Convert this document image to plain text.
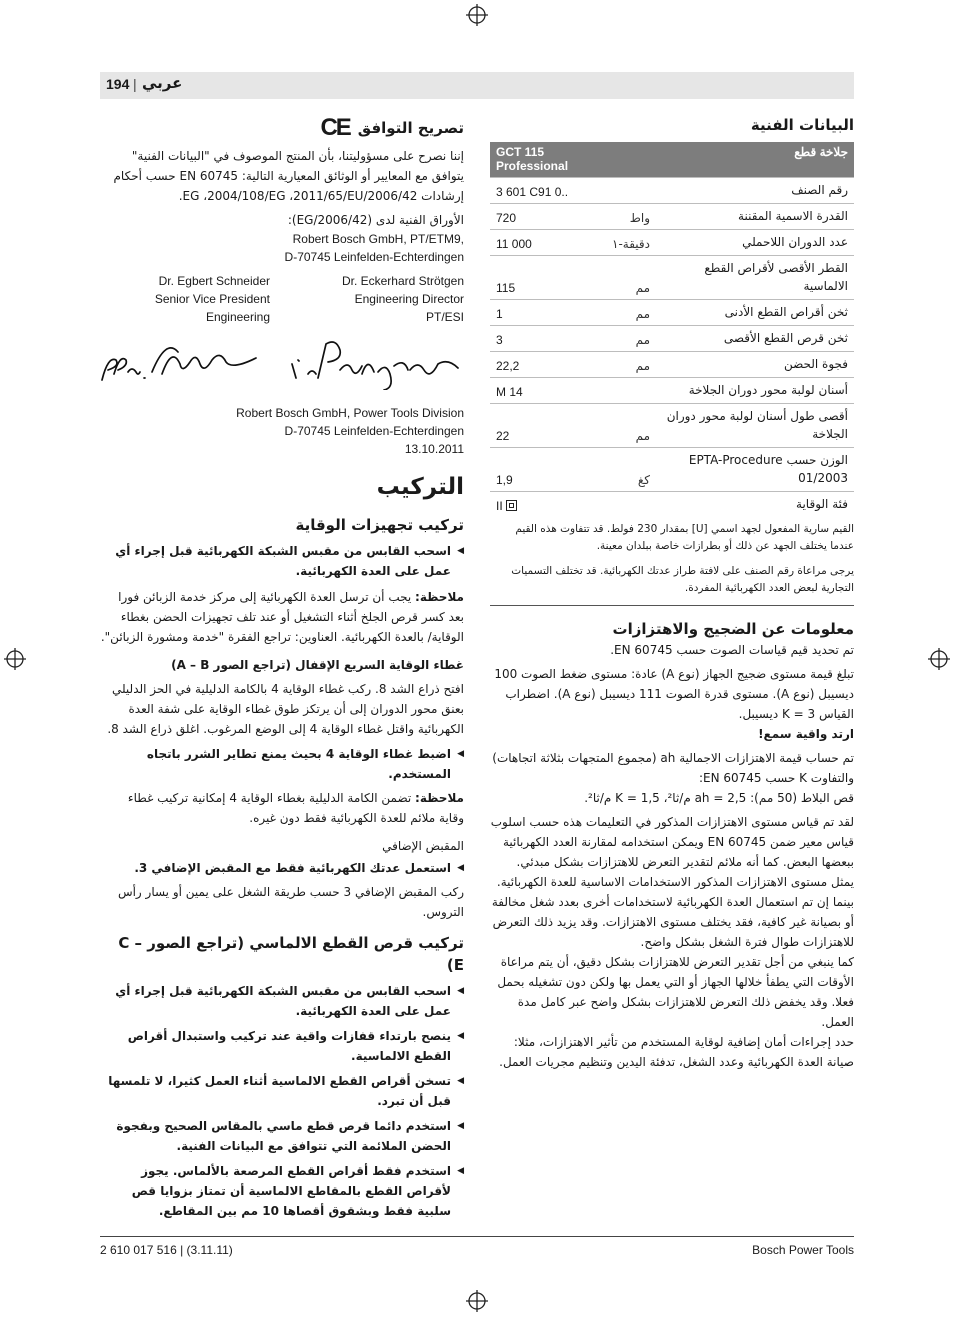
194 | عربي
تصريح التوافق
CE
إننا نصرح على مسؤوليتنا، بأن المنتج الموصوف في "البيانات الفنية" يتوافق مع المعايير أو الوثائق المعيارية التالية: EN 60745 حسب أحكام إرشادات 2006/42/EG ،2004/108/EG ،2011/65/EU.
الأوراق الفنية لدى (2006/42/EG):
Robert Bosch GmbH, PT/ETM9,
D-70745 Leinfelden-Echterdingen
Dr. Eckerhard Strötgen
Engineering Director
PT/ESI
Dr. Egbert Schneider
Senior Vice President
Engineering
Robert Bosch GmbH, Power Tools Division
D-70745 Leinfelden-Echterdingen
13.10.2011
التركيب
تركيب تجهيزات الوقاية
◀ اسحب القابس من مقبس الشبكة الكهربائية قبل إجراء أي عمل على العدة الكهربائية.
ملاحظة: يجب أن ترسل العدة الكهربائية إلى مركز خدمة الزبائن فورا بعد كسر قرص الجلخ أثناء التشغيل أو عند تلف تجهيزات الحضن بغطاء الوقاية/ بالعدة الكهربائية. العناوين: تراجع الفقرة "خدمة ومشورة الزبائن".
غطاء الوقاية السريع الإقفال (تراجع الصور A – B)
افتح ذراع الشد 8. ركب غطاء الوقاية 4 بالكامة الدليلية في الحز الدليلي بعنق محور الدوران إلى أن يرتكز طوق غطاء الوقاية على شفة العدة الكهربائية واقتل غطاء الوقاية 4 إلى الوضع المرغوب. اغلق ذراع الشد 8.
◀ اضبط غطاء الوقاية 4 بحيث يمنع تطاير الشرر باتجاه المستخدم.
ملاحظة: تضمن الكامة الدليلية بغطاء الوقاية 4 إمكانية تركيب غطاء وقاية ملائم للعدة الكهربائية فقط دون غيره.
المقبض الإضافي
◀ استعمل عدتك الكهربائية فقط مع المقبض الإضافي 3.
ركب المقبض الإضافي 3 حسب طريقة الشغل على يمين أو يسار رأس التروس.
تركيب قرص القطع الالماسي (تراجع الصور C – E)
◀ اسحب القابس من مقبس الشبكة الكهربائية قبل إجراء أي عمل على العدة الكهربائية.
◀ ينصح بارتداء قفازات واقية عند تركيب واستبدال أقراص القطع الالماسية.
◀ تسخن أقراص القطع الالماسية أثناء العمل كثيرا، لا تلمسها قبل أن تبرد.
◀ استخدم دائما قرص قطع ماسي بالمقاس الصحيح وبفجوة الحضن الملائمة التي تتوافق مع البيانات الفنية.
◀ استخدم فقط أقراص القطع المرصعة بالألماس. يجوز لأقراص القطع بالمقاطع الالماسية أن تمتاز بزوايا قص سلبية فقط وبشقوق أقصاها 10 مم بين المقاطع.
البيانات الفنية
جلاخة قطع		GCT 115
Professional

رقم الصنف		3 601 C91 0..
القدرة الاسمية المقننة	واط	720
عدد الدوران اللاحملي	دقيقة‏-١	11 000
القطر الأقصى لأقراص القطع الالماسية	مم	115
ثخن أقراص القطع الأدنى	مم	1
ثخن قرص القطع الأقصى	مم	3
فجوة الحضن	مم	22,2
أسنان لولبة محور دوران الجلاخة		M 14
أقصى طول أسنان لولبة محور دوران الجلاخة	مم	22
الوزن حسب EPTA-Procedure 01/2003	كغ	1,9
فئة الوقاية		II
القيم سارية المفعول لجهد اسمي [U] بمقدار 230 فولط. قد تتفاوت هذه القيم عندما يختلف الجهد عن ذلك أو بطرازات خاصة ببلدان معينة.
يرجى مراعاة رقم الصنف على لافتة طراز عدتك الكهربائية. قد تختلف التسميات التجارية لبعض العدد الكهربائية المفردة.
معلومات عن الضجيج والاهتزازات
تم تحديد قيم قياسات الصوت حسب EN 60745.
تبلغ قيمة مستوى ضجيج الجهاز (نوع A) عادة: مستوى ضغط الصوت 100 ديسيبل (نوع A). مستوى قدرة الصوت 111 ديسيبل (نوع A). اضطراب القياس K = 3 ديسيبل.
ارتد واقية سمع!
تم حساب قيمة الاهتزازات الاجمالية ah (مجموع المتجهات بثلاثة اتجاهات) والتفاوت K حسب EN 60745:
قص البلاط (50 مم): ah = 2,5 م/ثا²، K = 1,5 م/ثا².
لقد تم قياس مستوى الاهتزازات المذكور في التعليمات هذه حسب اسلوب قياس معير ضمن EN 60745 ويمكن استخدامه لمقارنة العدد الكهربائية ببعضها البعض. كما أنه ملائم لتقدير التعرض للاهتزازات بشكل مبدئي.
يمثل مستوى الاهتزازات المذكور الاستخدامات الاساسية للعدة الكهربائية. بينما إن تم استعمال العدة الكهربائية لاستخدامات أخرى بعدد شغل مخالفة أو بصيانة غير كافية، فقد يختلف مستوى الاهتزازات. وقد يزيد ذلك التعرض للاهتزازات طوال فترة الشغل بشكل واضح.
كما ينبغي من أجل تقدير التعرض للاهتزازات بشكل دقيق، أن يتم مراعاة الأوقات التي يطفأ خلالها الجهاز أو التي يعمل بها ولكن دون تشغيله بحمل فعلا. وقد يخفض ذلك التعرض للاهتزازات بشكل واضح عبر كامل مدة العمل.
حدد إجراءات أمان إضافية لوقاية المستخدم من تأثير الاهتزازات، مثلا: صيانة العدة الكهربائية وعدد الشغل، تدفئة اليدين وتنظيم مجريات العمل.
2 610 017 516 | (3.11.11)	Bosch Power Tools
